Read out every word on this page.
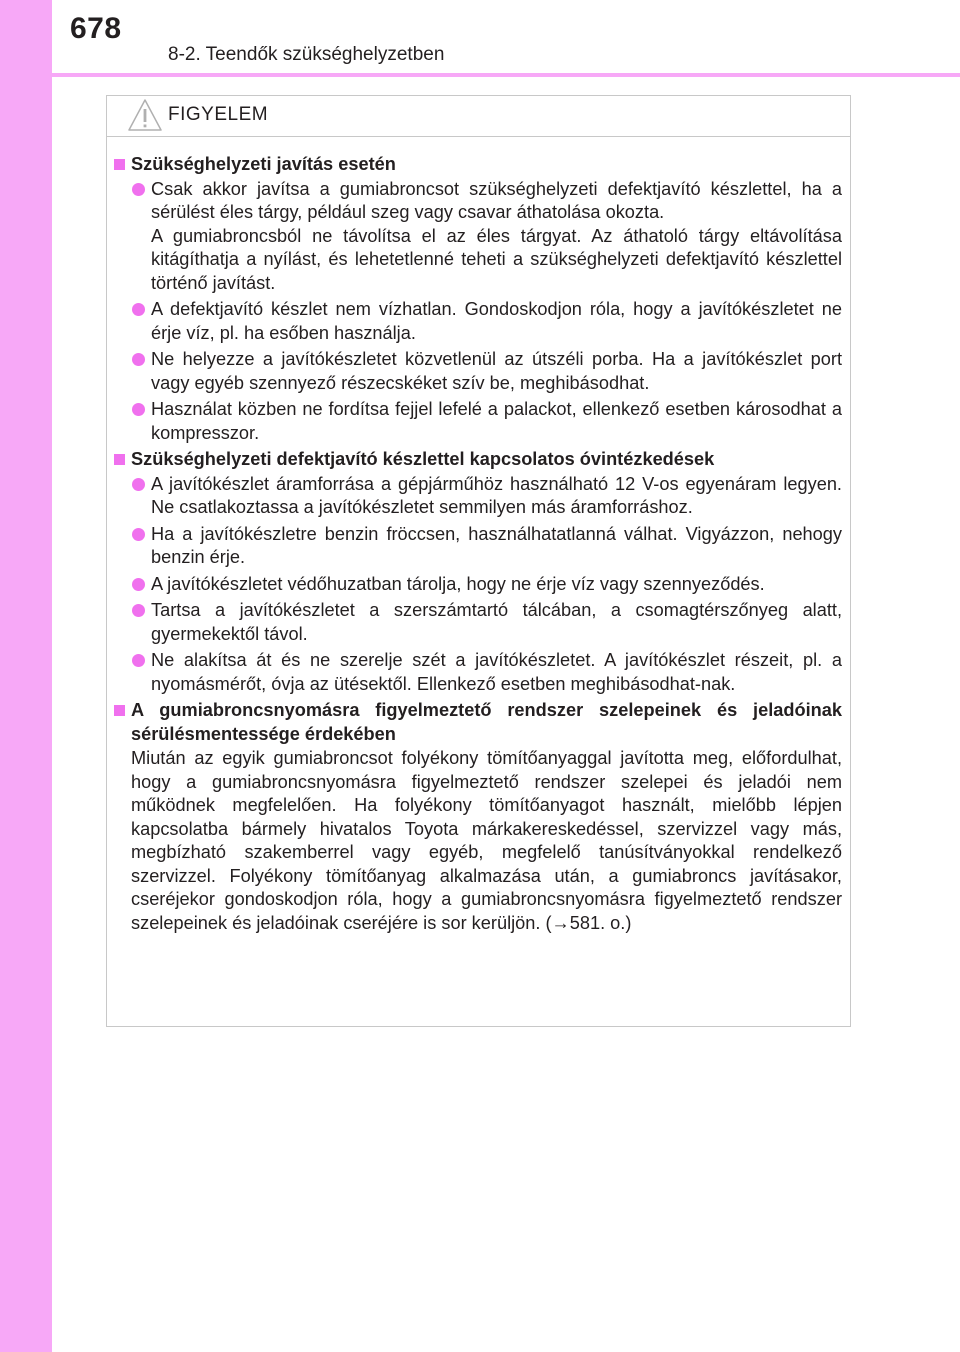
678
8-2. Teendők szükséghelyzetben
FIGYELEM
Szükséghelyzeti javítás esetén

Csak akkor javítsa a gumiabroncsot szükséghelyzeti defektjavító készlettel, ha a sérülést éles tárgy, például szeg vagy csavar áthatolása okozta.

A gumiabroncsból ne távolítsa el az éles tárgyat. Az áthatoló tárgy eltávolítása kitágíthatja a nyílást, és lehetetlenné teheti a szükséghelyzeti defektjavító készlettel történő javítást.

A defektjavító készlet nem vízhatlan. Gondoskodjon róla, hogy a javítókészletet ne érje víz, pl. ha esőben használja.

Ne helyezze a javítókészletet közvetlenül az útszéli porba. Ha a javítókészlet port vagy egyéb szennyező részecskéket szív be, meghibásodhat.

Használat közben ne fordítsa fejjel lefelé a palackot, ellenkező esetben károsodhat a kompresszor.

Szükséghelyzeti defektjavító készlettel kapcsolatos óvintézkedések

A javítókészlet áramforrása a gépjárműhöz használható 12 V-os egyenáram legyen. Ne csatlakoztassa a javítókészletet semmilyen más áramforráshoz.

Ha a javítókészletre benzin fröccsen, használhatatlanná válhat. Vigyázzon, nehogy benzin érje.

A javítókészletet védőhuzatban tárolja, hogy ne érje víz vagy szennyeződés.

Tartsa a javítókészletet a szerszámtartó tálcában, a csomagtérszőnyeg alatt, gyermekektől távol.

Ne alakítsa át és ne szerelje szét a javítókészletet. A javítókészlet részeit, pl. a nyomásmérőt, óvja az ütésektől. Ellenkező esetben meghibásodhat-nak.

A gumiabroncsnyomásra figyelmeztető rendszer szelepeinek és jeladóinak sérülésmentessége érdekében

Miután az egyik gumiabroncsot folyékony tömítőanyaggal javította meg, előfordulhat, hogy a gumiabroncsnyomásra figyelmeztető rendszer szelepei és jeladói nem működnek megfelelően. Ha folyékony tömítőanyagot használt, mielőbb lépjen kapcsolatba bármely hivatalos Toyota márkakereskedéssel, szervizzel vagy más, megbízható szakemberrel vagy egyéb, megfelelő tanúsítványokkal rendelkező szervizzel. Folyékony tömítőanyag alkalmazása után, a gumiabroncs javításakor, cseréjekor gondoskodjon róla, hogy a gumiabroncsnyomásra figyelmeztető rendszer szelepeinek és jeladóinak cseréjére is sor kerüljön. (→581. o.)
